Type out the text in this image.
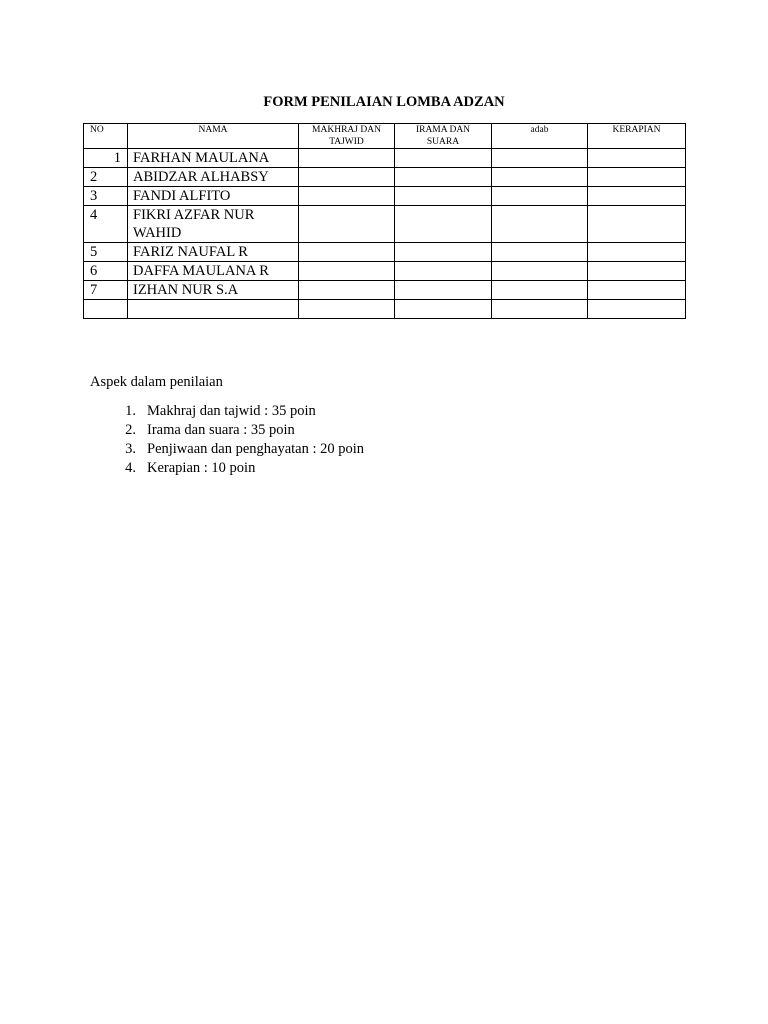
FORM PENILAIAN LOMBA ADZAN
NO	NAMA	MAKHRAJ DAN TAJWID	IRAMA DAN SUARA	adab	KERAPIAN
1	FARHAN MAULANA				
2	ABIDZAR ALHABSY				
3	FANDI ALFITO				
4	FIKRI AZFAR NUR WAHID				
5	FARIZ NAUFAL R				
6	DAFFA MAULANA R				
7	IZHAN NUR S.A				

Aspek dalam penilaian
1. Makhraj dan tajwid : 35 poin
2. Irama dan suara : 35 poin
3. Penjiwaan dan penghayatan : 20 poin
4. Kerapian : 10 poin
